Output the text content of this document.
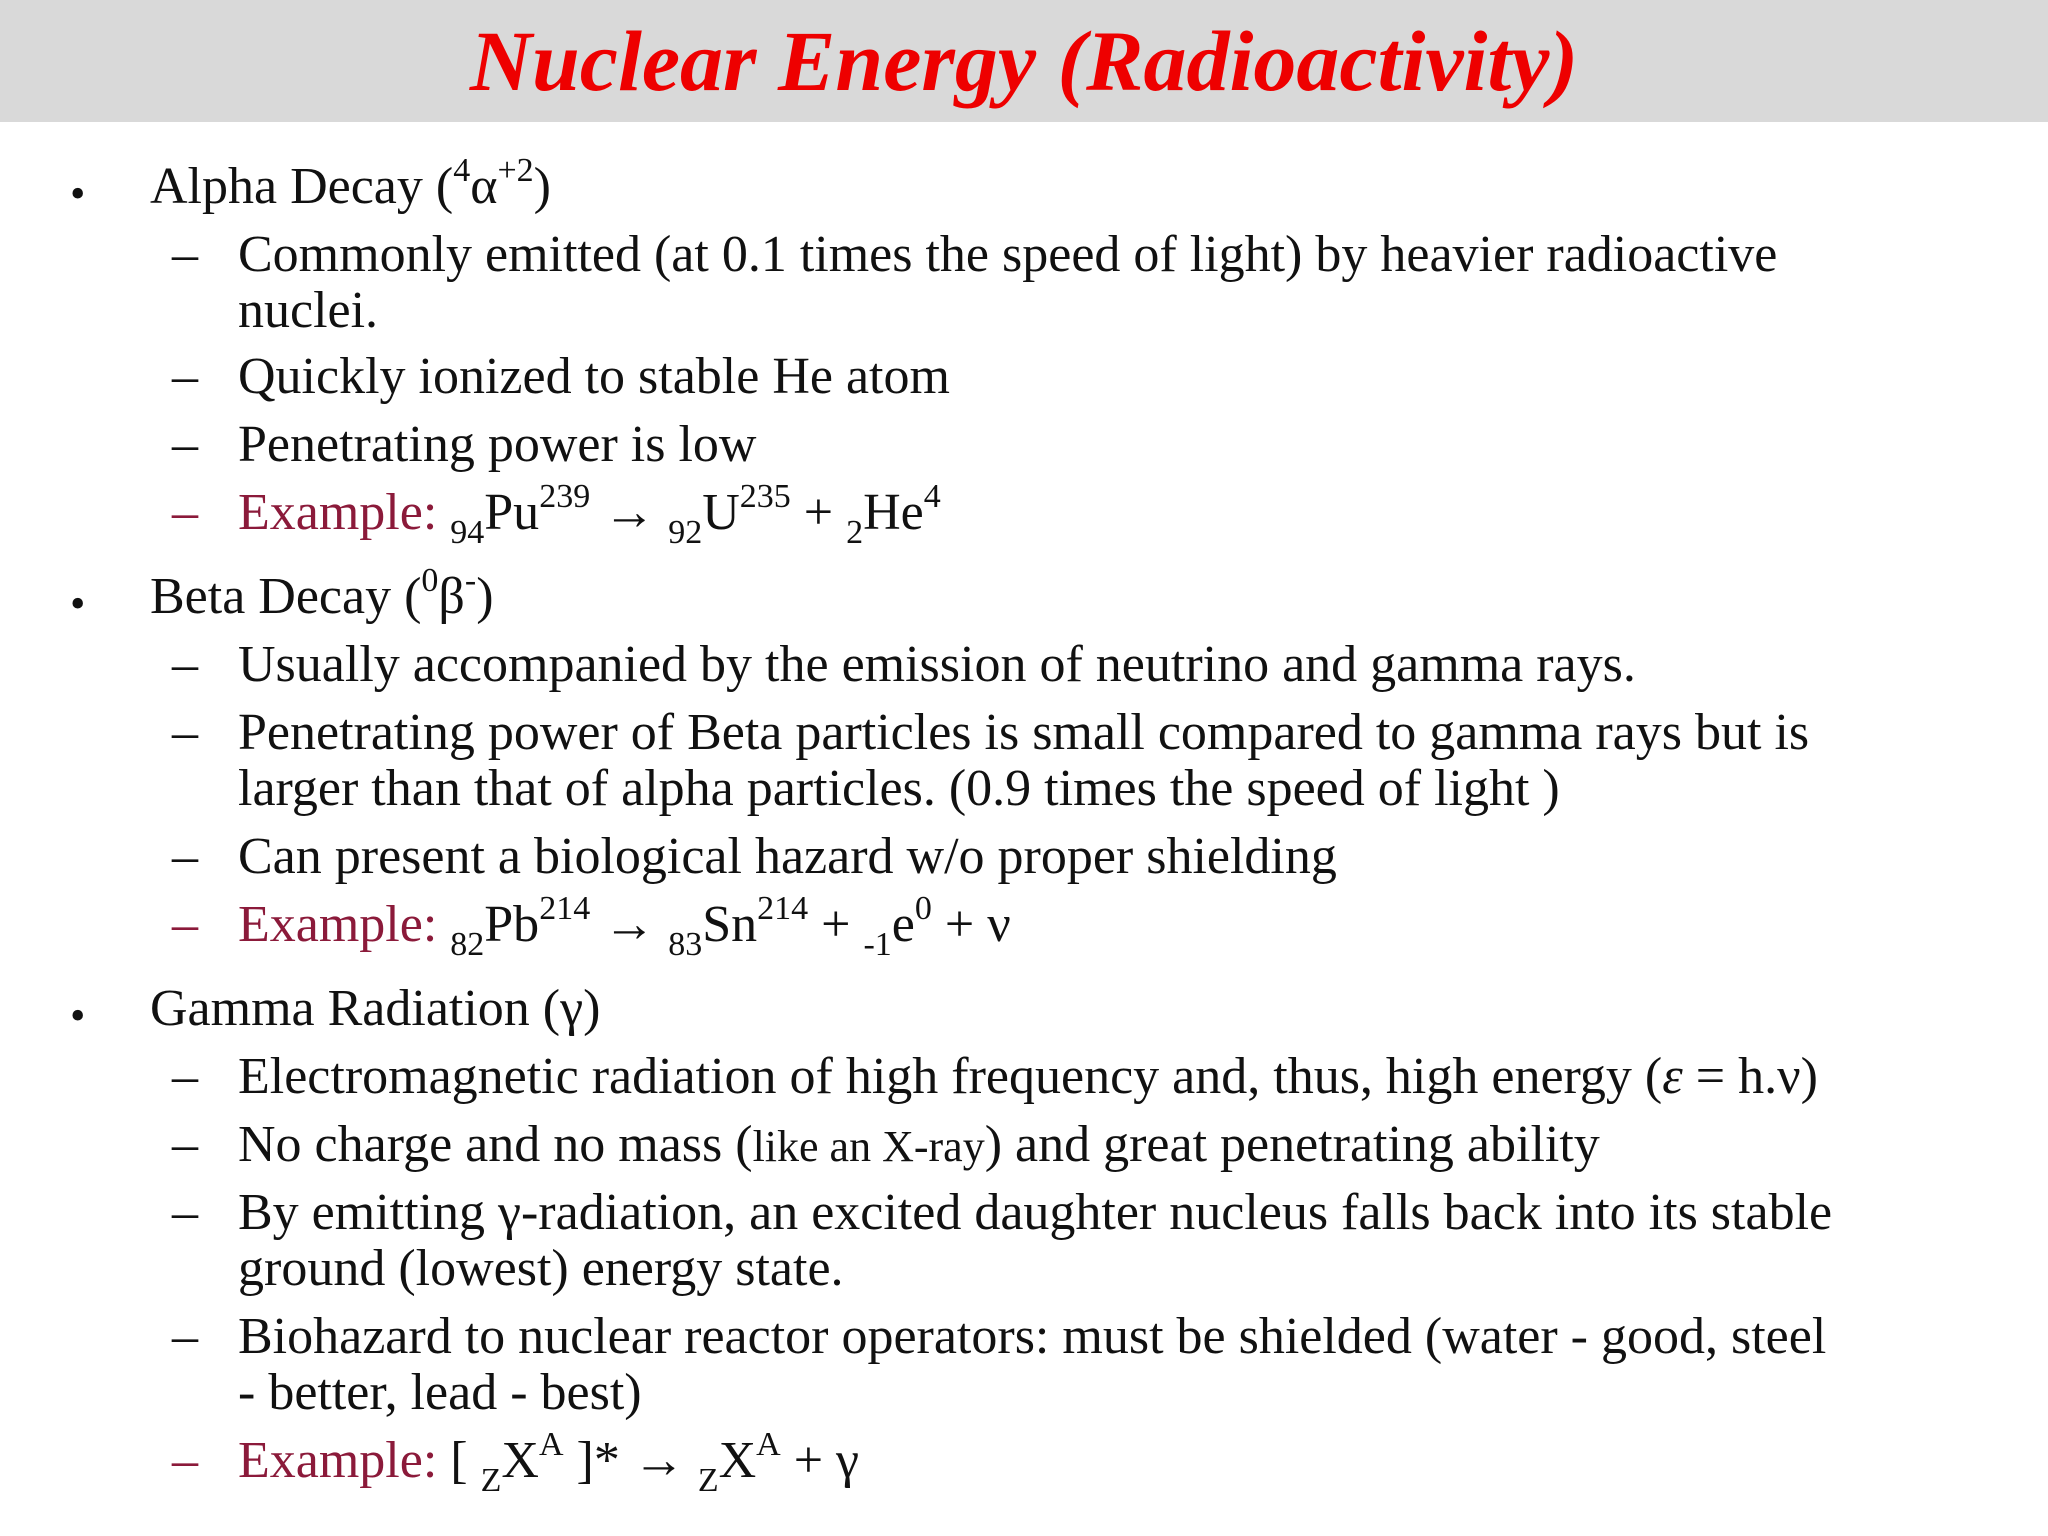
Nuclear Energy (Radioactivity)
• Alpha Decay $(^4\alpha^{+2})$
– Commonly emitted (at 0.1 times the speed of light) by heavier radioactive
nuclei.
– Quickly ionized to stable He atom
– Penetrating power is low
– Example: $_{94}Pu^{239} \to _{92}U^{235} + _2He^4$
• Beta Decay ($^0$β-)
– Usually accompanied by the emission of neutrino and gamma rays.
– Penetrating power of Beta particles is small compared to gamma rays but is
larger than that of alpha particles. (0.9 times the speed of light )
– Can present a biological hazard w/o proper shielding
– Example: $_{82}Pb^{214} \to _{83}Sn^{214} + _{-1}e^0 + \nu$
• Gamma Radiation (γ)
– Electromagnetic radiation of high frequency and, thus, high energy (ε = h.ν)
– No charge and no mass (like an X-ray) and great penetrating ability
– By emitting γ-radiation, an excited daughter nucleus falls back into its stable
ground (lowest) energy state.
– Biohazard to nuclear reactor operators: must be shielded (water - good, steel
- better, lead - best)
– Example: [ $_ZX^A$ ]* → $_ZX^A + \gamma$
